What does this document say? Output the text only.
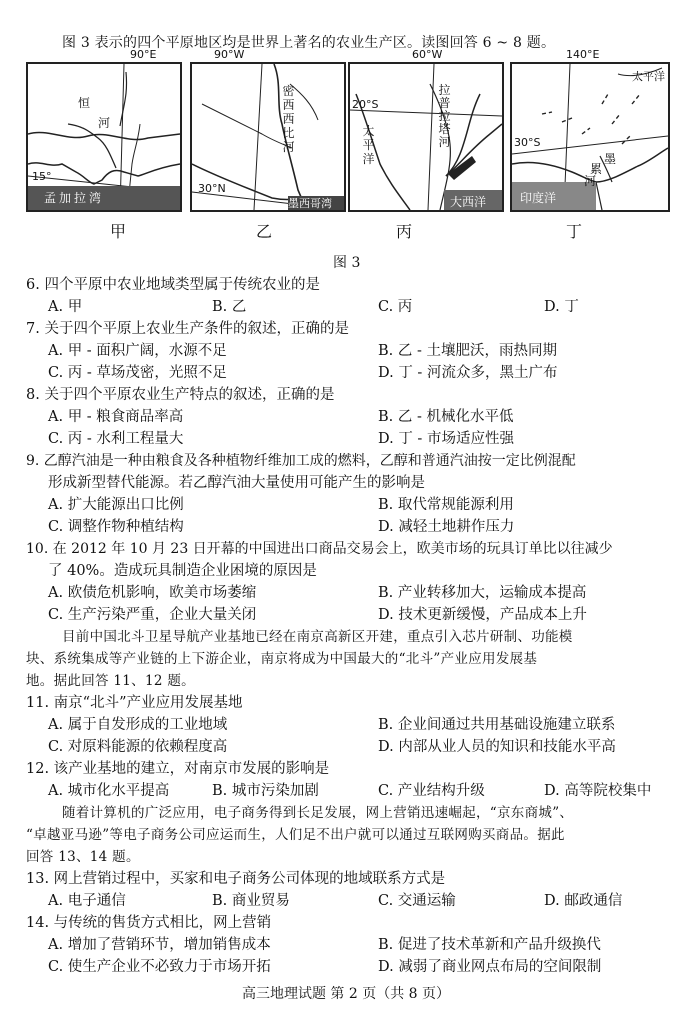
图 3 表示的四个平原地区均是世界上著名的农业生产区。读图回答 6 ~ 8 题。
恒
河
15°
孟加拉湾
90°E
密西西比河
30°N
墨西哥湾
90°W
20°S
太平洋
拉普拉塔河
大西洋
60°W
30°S
墨
累
河
太平洋
印度洋
140°E
甲	乙	丙	丁
图 3
6. 四个平原中农业地域类型属于传统农业的是
A. 甲	B. 乙	C. 丙	D. 丁
7. 关于四个平原上农业生产条件的叙述，正确的是
A. 甲 - 面积广阔，水源不足	B. 乙 - 土壤肥沃，雨热同期
C. 丙 - 草场茂密，光照不足	D. 丁 - 河流众多，黑土广布
8. 关于四个平原农业生产特点的叙述，正确的是
A. 甲 - 粮食商品率高	B. 乙 - 机械化水平低
C. 丙 - 水利工程量大	D. 丁 - 市场适应性强
9. 乙醇汽油是一种由粮食及各种植物纤维加工成的燃料，乙醇和普通汽油按一定比例混配
形成新型替代能源。若乙醇汽油大量使用可能产生的影响是
A. 扩大能源出口比例	B. 取代常规能源利用
C. 调整作物种植结构	D. 减轻土地耕作压力
10. 在 2012 年 10 月 23 日开幕的中国进出口商品交易会上，欧美市场的玩具订单比以往减少
了 40%。造成玩具制造企业困境的原因是
A. 欧债危机影响，欧美市场萎缩	B. 产业转移加大，运输成本提高
C. 生产污染严重，企业大量关闭	D. 技术更新缓慢，产品成本上升
目前中国北斗卫星导航产业基地已经在南京高新区开建，重点引入芯片研制、功能模
块、系统集成等产业链的上下游企业，南京将成为中国最大的“北斗”产业应用发展基
地。据此回答 11、12 题。
11. 南京“北斗”产业应用发展基地
A. 属于自发形成的工业地域	B. 企业间通过共用基础设施建立联系
C. 对原料能源的依赖程度高	D. 内部从业人员的知识和技能水平高
12. 该产业基地的建立，对南京市发展的影响是
A. 城市化水平提高	B. 城市污染加剧	C. 产业结构升级	D. 高等院校集中
随着计算机的广泛应用，电子商务得到长足发展，网上营销迅速崛起，“京东商城”、
“卓越亚马逊”等电子商务公司应运而生，人们足不出户就可以通过互联网购买商品。据此
回答 13、14 题。
13. 网上营销过程中，买家和电子商务公司体现的地域联系方式是
A. 电子通信	B. 商业贸易	C. 交通运输	D. 邮政通信
14. 与传统的售货方式相比，网上营销
A. 增加了营销环节，增加销售成本	B. 促进了技术革新和产品升级换代
C. 使生产企业不必致力于市场开拓	D. 减弱了商业网点布局的空间限制
高三地理试题 第 2 页（共 8 页）
